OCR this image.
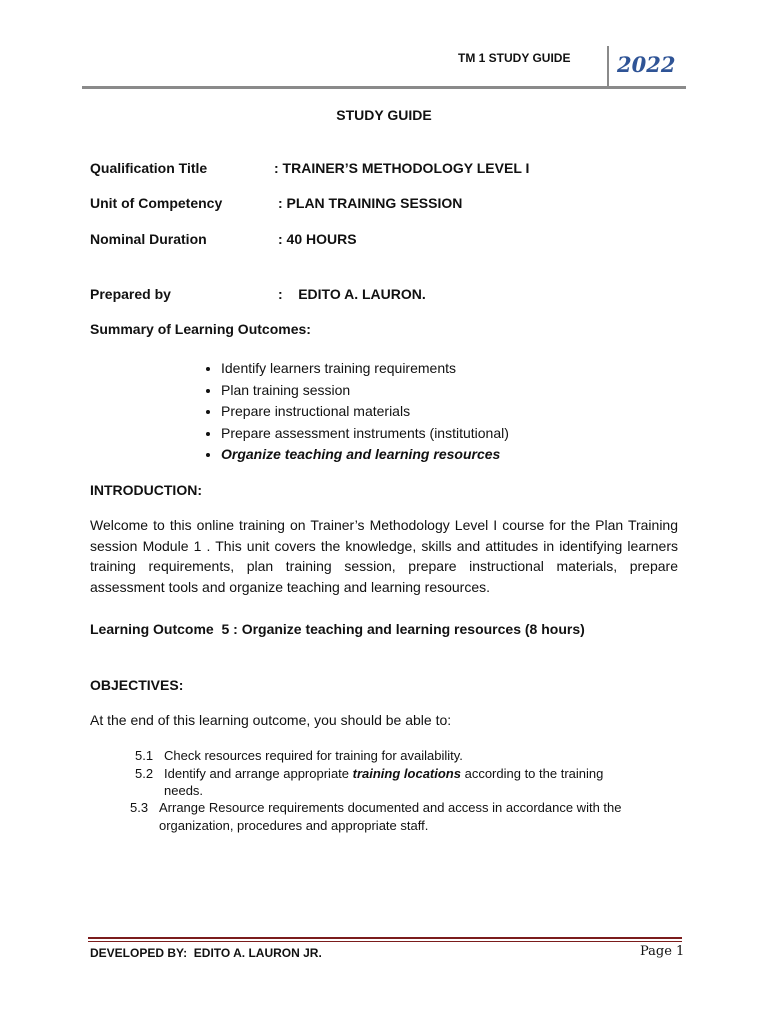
TM 1 STUDY GUIDE 2022
STUDY GUIDE
Qualification Title	: TRAINER’S METHODOLOGY LEVEL I
Unit of Competency	: PLAN TRAINING SESSION
Nominal Duration	: 40 HOURS
Prepared by	:    EDITO A. LAURON.
Summary of Learning Outcomes:
• Identify learners training requirements
• Plan training session
• Prepare instructional materials
• Prepare assessment instruments (institutional)
• Organize teaching and learning resources
INTRODUCTION:
Welcome to this online training on Trainer’s Methodology Level I course for the Plan Training session Module 1 . This unit covers the knowledge, skills and attitudes in identifying learners training requirements, plan training session, prepare instructional materials, prepare assessment tools and organize teaching and learning resources.
Learning Outcome  5 : Organize teaching and learning resources (8 hours)
OBJECTIVES:
At the end of this learning outcome, you should be able to:
5.1 Check resources required for training for availability.
5.2 Identify and arrange appropriate training locations according to the training
needs.
5.3 Arrange Resource requirements documented and access in accordance with the
organization, procedures and appropriate staff.
DEVELOPED BY:  EDITO A. LAURON JR.	Page 1
